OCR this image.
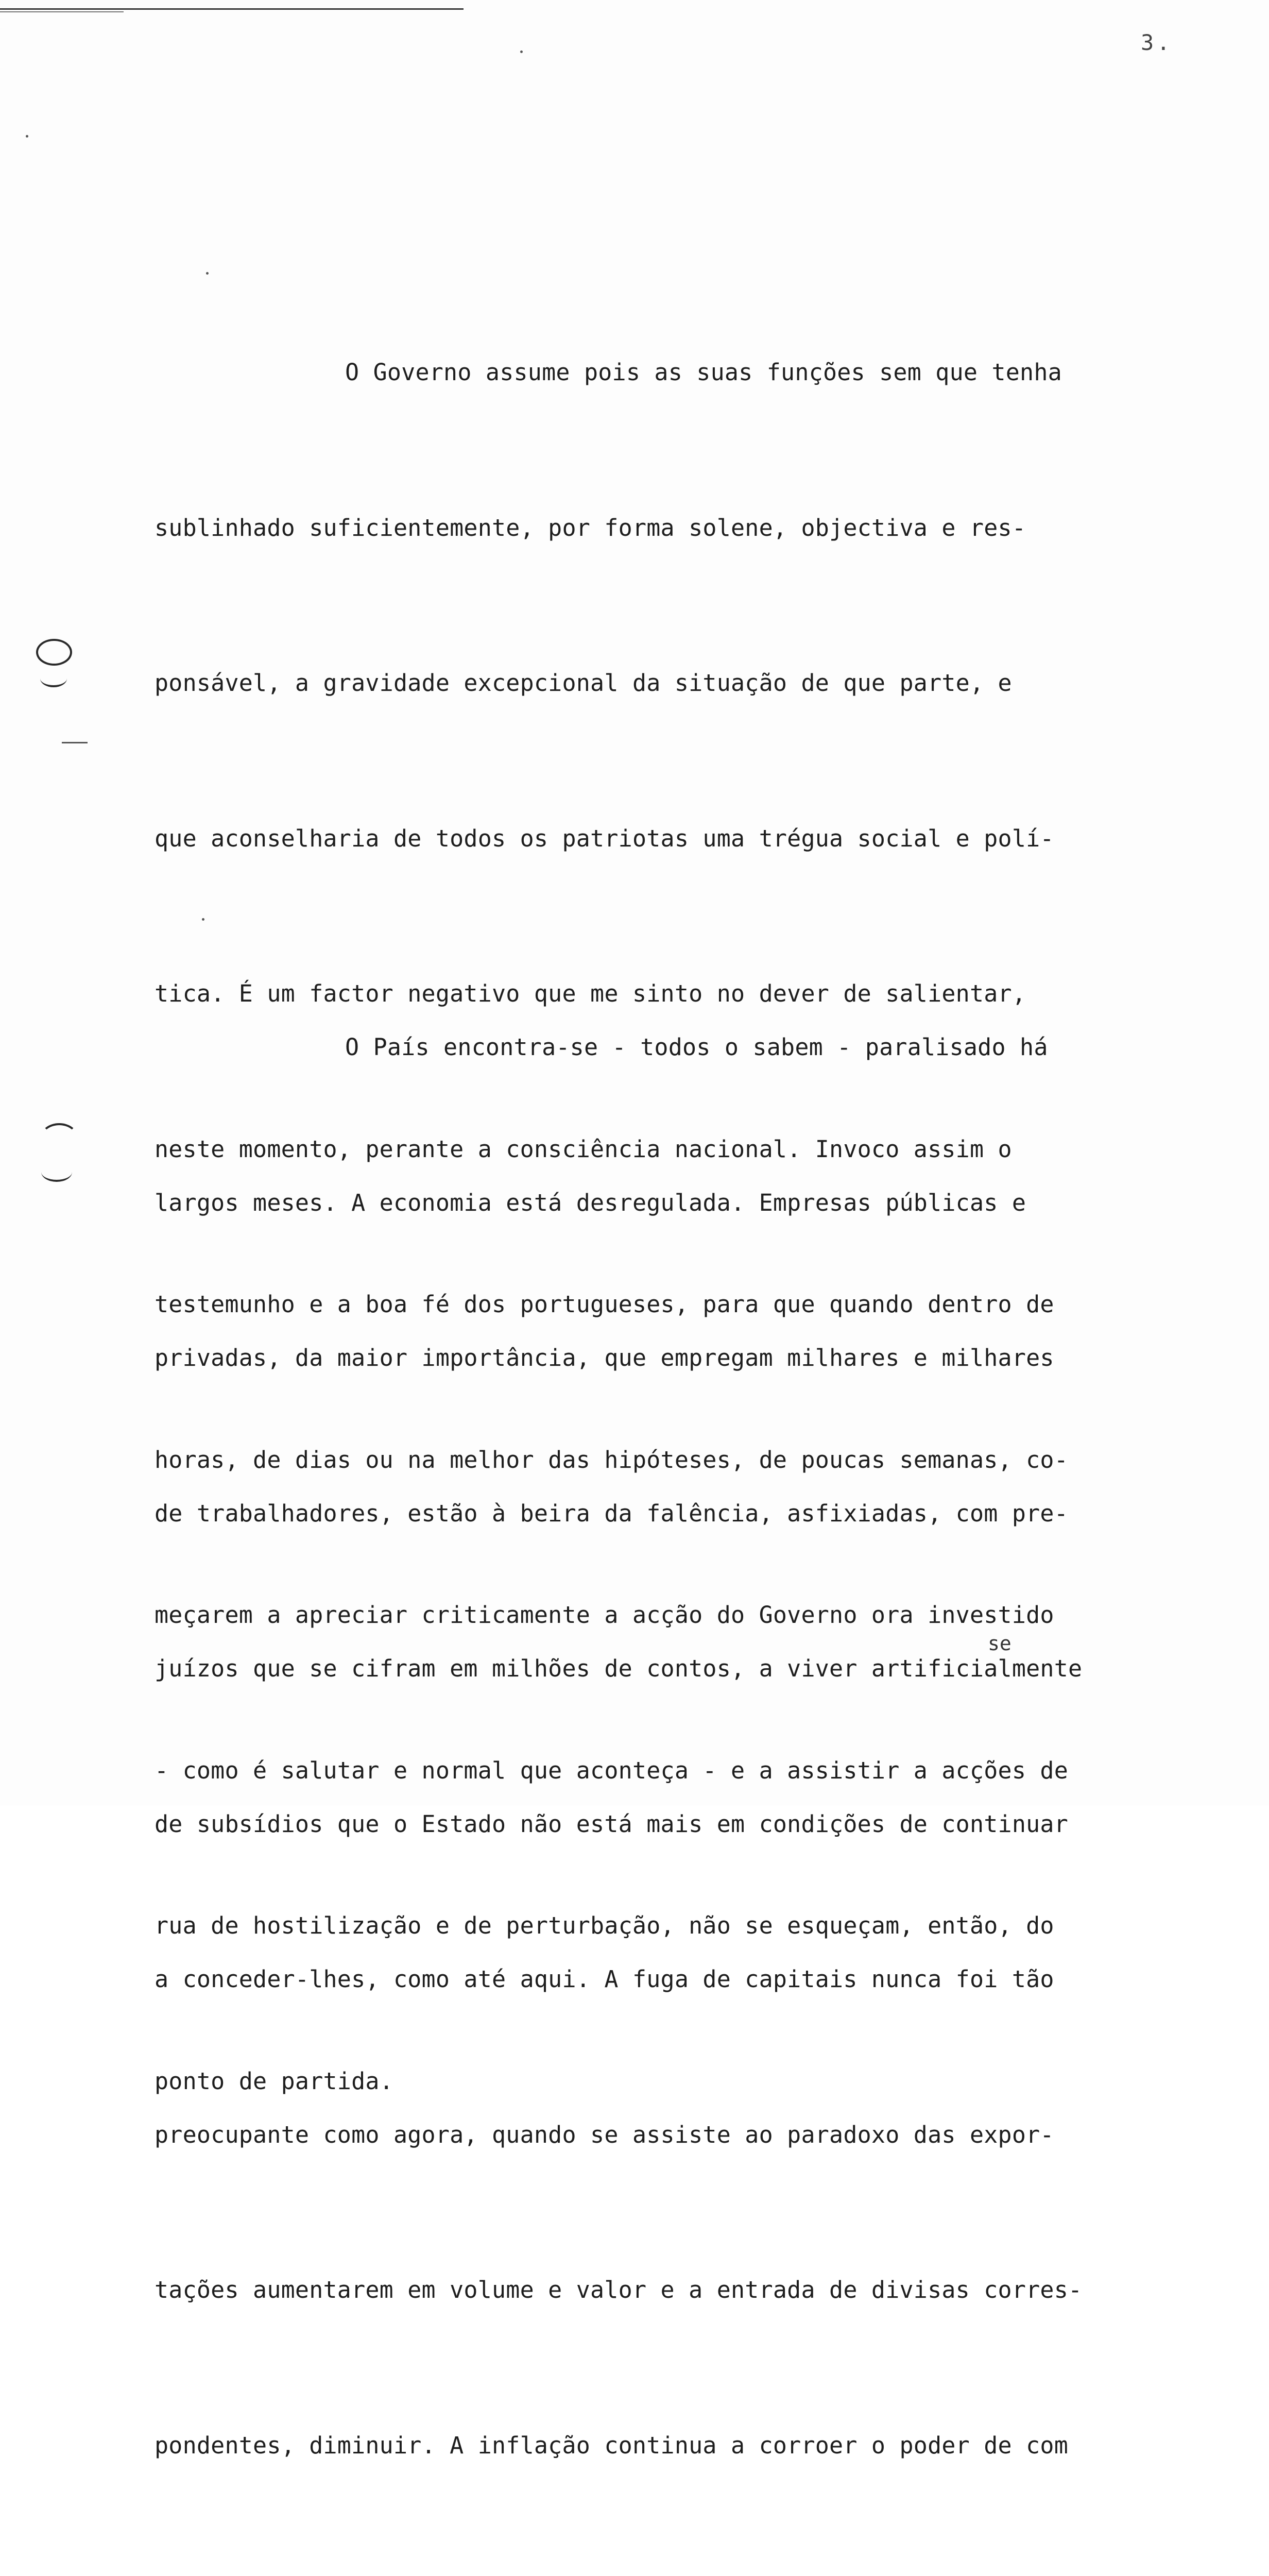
3.

O Governo assume pois as suas funções sem que tenha

sublinhado suficientemente, por forma solene, objectiva e res-

ponsável, a gravidade excepcional da situação de que parte, e

que aconselharia de todos os patriotas uma trégua social e polí-

tica. É um factor negativo que me sinto no dever de salientar,

neste momento, perante a consciência nacional. Invoco assim o

testemunho e a boa fé dos portugueses, para que quando dentro de

horas, de dias ou na melhor das hipóteses, de poucas semanas, co-

meçarem a apreciar criticamente a acção do Governo ora investido

- como é salutar e normal que aconteça - e a assistir a acções de

rua de hostilização e de perturbação, não se esqueçam, então, do

ponto de partida.

O País encontra-se - todos o sabem - paralisado há

largos meses. A economia está desregulada. Empresas públicas e

privadas, da maior importância, que empregam milhares e milhares

de trabalhadores, estão à beira da falência, asfixiadas, com pre-

juízos que se cifram em milhões de contos, a viver artificialmente

de subsídios que o Estado não está mais em condições de continuar

a conceder-lhes, como até aqui. A fuga de capitais nunca foi tão

preocupante como agora, quando se assiste ao paradoxo das expor-

tações aumentarem em volume e valor e a entrada de divisas corres-

pondentes, diminuir. A inflação continua a corroer o poder de com

se
